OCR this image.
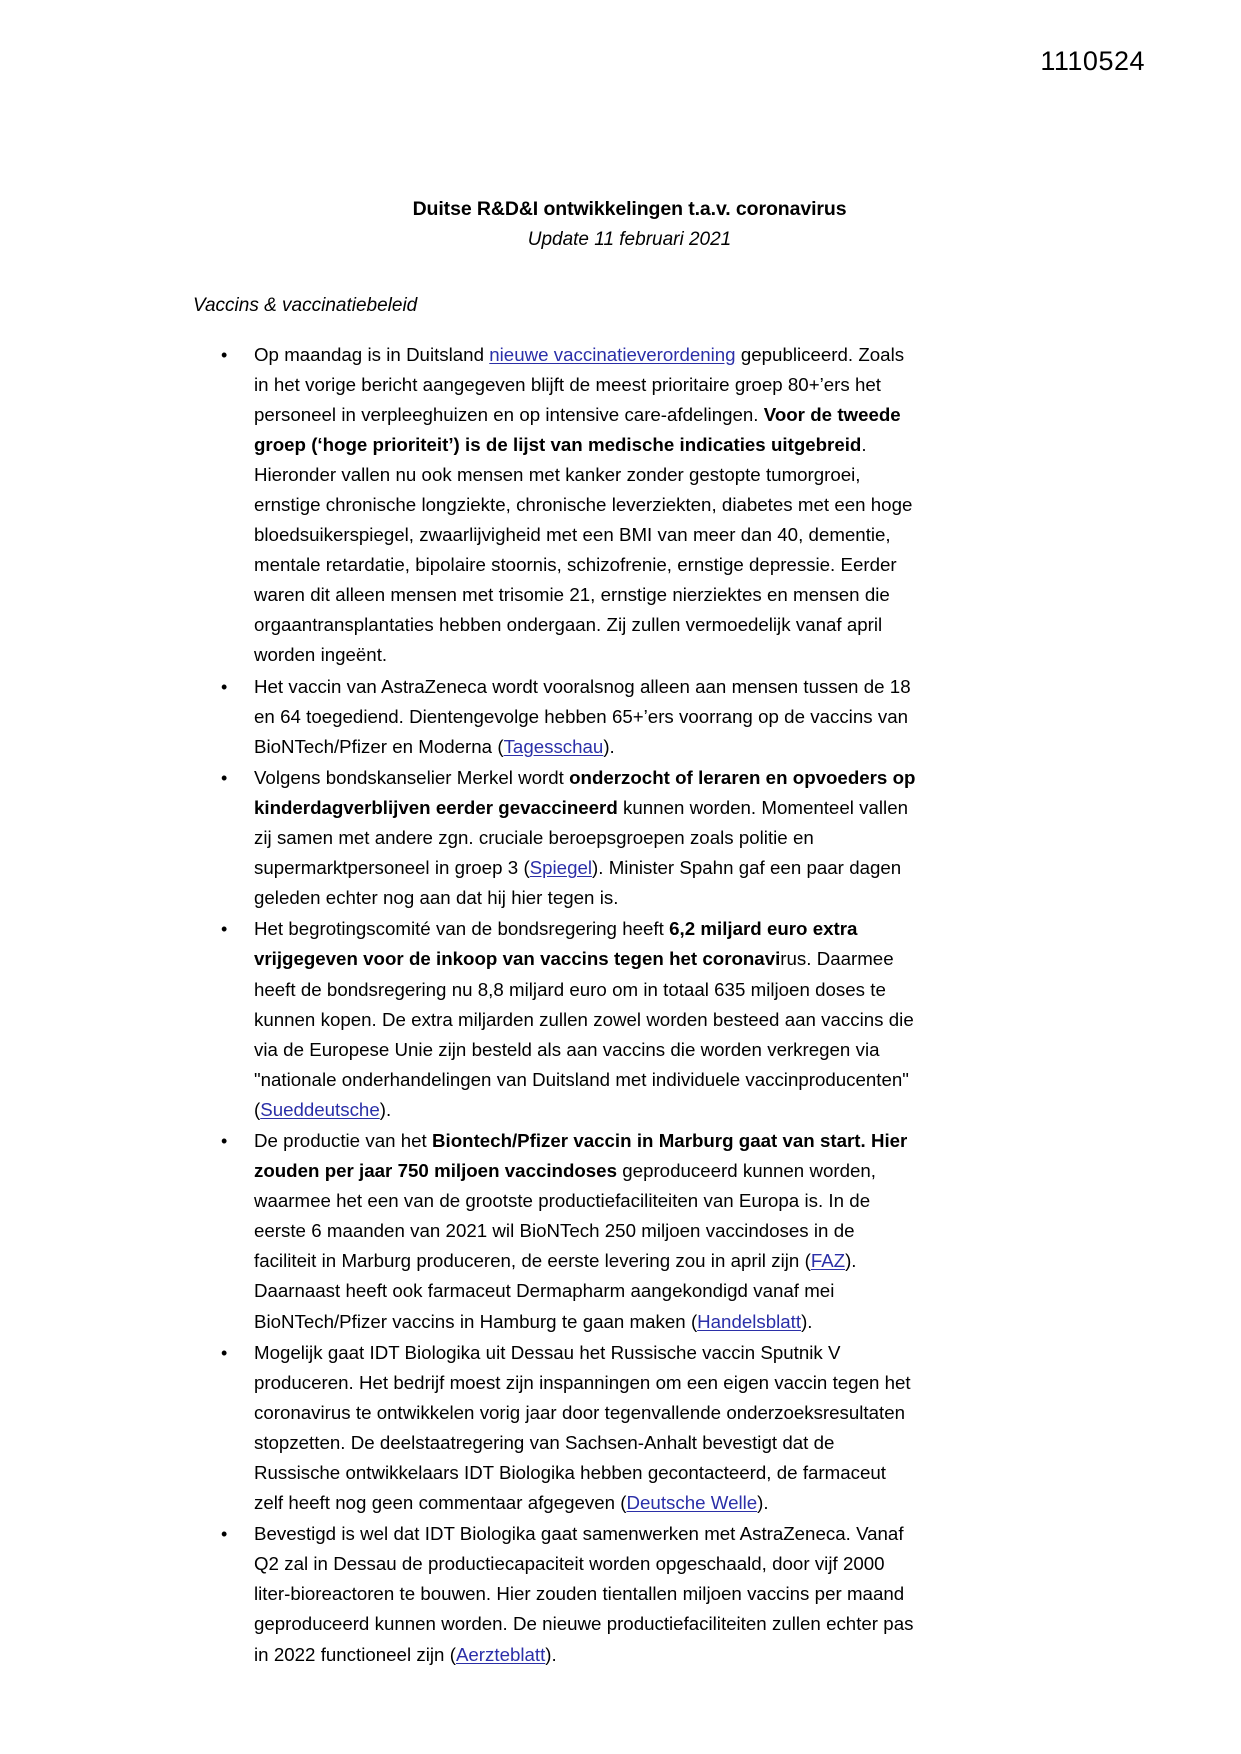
1110524
Duitse R&D&I ontwikkelingen t.a.v. coronavirus
Update 11 februari 2021
Vaccins & vaccinatiebeleid
• Op maandag is in Duitsland nieuwe vaccinatieverordening gepubliceerd. Zoals in het vorige bericht aangegeven blijft de meest prioritaire groep 80+’ers het personeel in verpleeghuizen en op intensive care-afdelingen. Voor de tweede groep (‘hoge prioriteit’) is de lijst van medische indicaties uitgebreid. Hieronder vallen nu ook mensen met kanker zonder gestopte tumorgroei, ernstige chronische longziekte, chronische leverziekten, diabetes met een hoge bloedsuikerspiegel, zwaarlijvigheid met een BMI van meer dan 40, dementie, mentale retardatie, bipolaire stoornis, schizofrenie, ernstige depressie. Eerder waren dit alleen mensen met trisomie 21, ernstige nierziektes en mensen die orgaantransplantaties hebben ondergaan. Zij zullen vermoedelijk vanaf april worden ingeënt.
• Het vaccin van AstraZeneca wordt vooralsnog alleen aan mensen tussen de 18 en 64 toegediend. Dientengevolge hebben 65+’ers voorrang op de vaccins van BioNTech/Pfizer en Moderna (Tagesschau).
• Volgens bondskanselier Merkel wordt onderzocht of leraren en opvoeders op kinderdagverblijven eerder gevaccineerd kunnen worden. Momenteel vallen zij samen met andere zgn. cruciale beroepsgroepen zoals politie en supermarktpersoneel in groep 3 (Spiegel). Minister Spahn gaf een paar dagen geleden echter nog aan dat hij hier tegen is.
• Het begrotingscomité van de bondsregering heeft 6,2 miljard euro extra vrijgegeven voor de inkoop van vaccins tegen het coronavirus. Daarmee heeft de bondsregering nu 8,8 miljard euro om in totaal 635 miljoen doses te kunnen kopen. De extra miljarden zullen zowel worden besteed aan vaccins die via de Europese Unie zijn besteld als aan vaccins die worden verkregen via "nationale onderhandelingen van Duitsland met individuele vaccinproducenten" (Sueddeutsche).
• De productie van het Biontech/Pfizer vaccin in Marburg gaat van start. Hier zouden per jaar 750 miljoen vaccindoses geproduceerd kunnen worden, waarmee het een van de grootste productiefaciliteiten van Europa is. In de eerste 6 maanden van 2021 wil BioNTech 250 miljoen vaccindoses in de faciliteit in Marburg produceren, de eerste levering zou in april zijn (FAZ). Daarnaast heeft ook farmaceut Dermapharm aangekondigd vanaf mei BioNTech/Pfizer vaccins in Hamburg te gaan maken (Handelsblatt).
• Mogelijk gaat IDT Biologika uit Dessau het Russische vaccin Sputnik V produceren. Het bedrijf moest zijn inspanningen om een eigen vaccin tegen het coronavirus te ontwikkelen vorig jaar door tegenvallende onderzoeksresultaten stopzetten. De deelstaatregering van Sachsen-Anhalt bevestigt dat de Russische ontwikkelaars IDT Biologika hebben gecontacteerd, de farmaceut zelf heeft nog geen commentaar afgegeven (Deutsche Welle).
• Bevestigd is wel dat IDT Biologika gaat samenwerken met AstraZeneca. Vanaf Q2 zal in Dessau de productiecapaciteit worden opgeschaald, door vijf 2000 liter-bioreactoren te bouwen. Hier zouden tientallen miljoen vaccins per maand geproduceerd kunnen worden. De nieuwe productiefaciliteiten zullen echter pas in 2022 functioneel zijn (Aerzteblatt).
